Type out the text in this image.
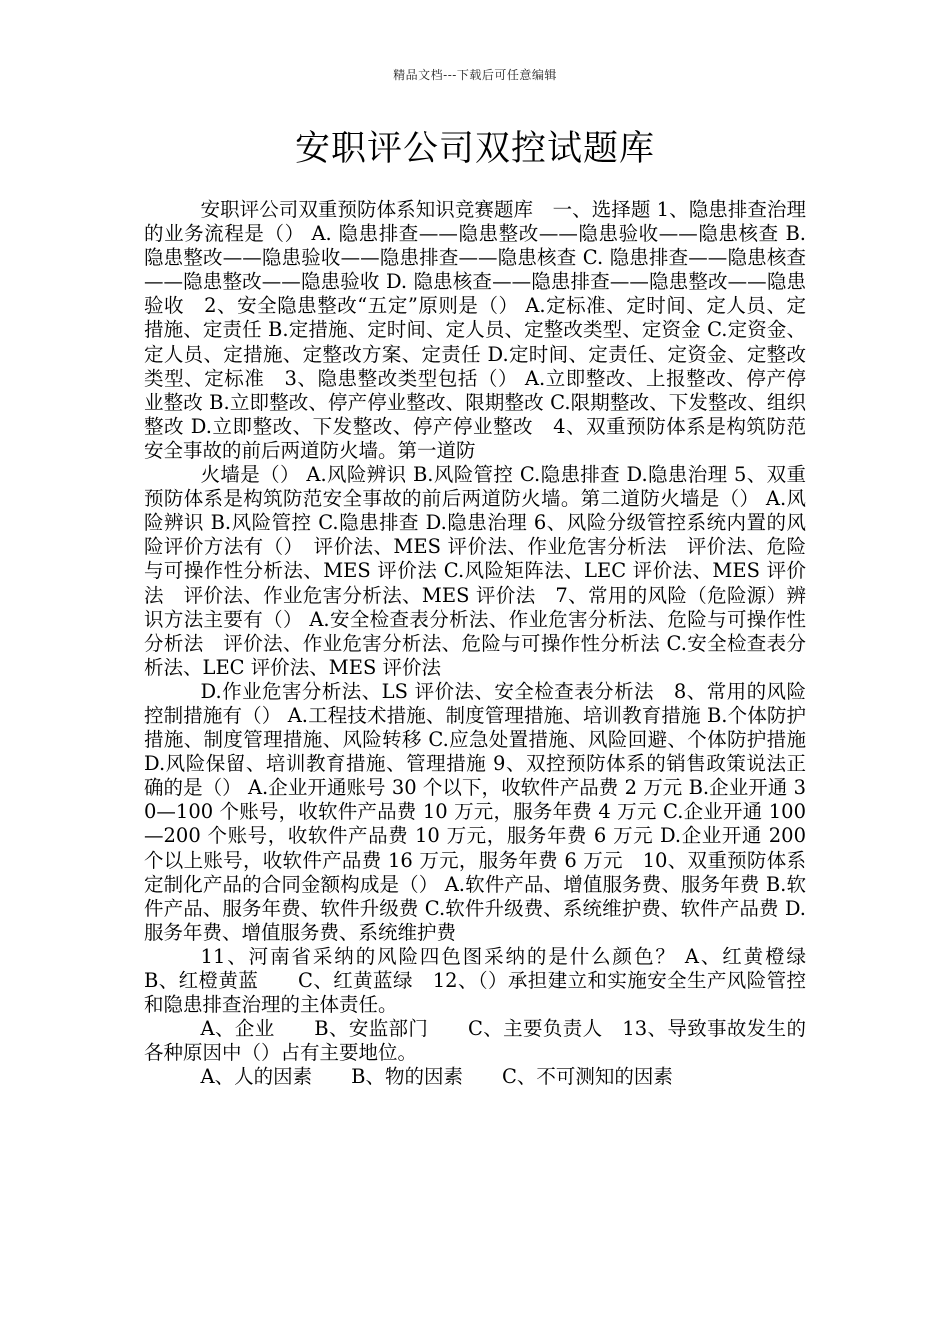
精品文档---下载后可任意编辑
安职评公司双控试题库

安职评公司双重预防体系知识竞赛题库　一、选择题 1、隐患排查治理的业务流程是（） A. 隐患排查——隐患整改——隐患验收——隐患核查 B. 隐患整改——隐患验收——隐患排查——隐患核查 C. 隐患排查——隐患核查——隐患整改——隐患验收 D. 隐患核查——隐患排查——隐患整改——隐患验收　2、安全隐患整改“五定”原则是（） A.定标准、定时间、定人员、定措施、定责任 B.定措施、定时间、定人员、定整改类型、定资金 C.定资金、定人员、定措施、定整改方案、定责任 D.定时间、定责任、定资金、定整改类型、定标准　3、隐患整改类型包括（） A.立即整改、上报整改、停产停业整改 B.立即整改、停产停业整改、限期整改 C.限期整改、下发整改、组织整改 D.立即整改、下发整改、停产停业整改　4、双重预防体系是构筑防范安全事故的前后两道防火墙。第一道防

火墙是（） A.风险辨识 B.风险管控 C.隐患排查 D.隐患治理 5、双重预防体系是构筑防范安全事故的前后两道防火墙。第二道防火墙是（） A.风险辨识 B.风险管控 C.隐患排查 D.隐患治理 6、风险分级管控系统内置的风险评价方法有（）　评价法、MES 评价法、作业危害分析法　评价法、危险与可操作性分析法、MES 评价法 C.风险矩阵法、LEC 评价法、MES 评价法　评价法、作业危害分析法、MES 评价法　7、常用的风险（危险源）辨识方法主要有（） A.安全检查表分析法、作业危害分析法、危险与可操作性分析法　评价法、作业危害分析法、危险与可操作性分析法 C.安全检查表分析法、LEC 评价法、MES 评价法

D.作业危害分析法、LS 评价法、安全检查表分析法　8、常用的风险控制措施有（） A.工程技术措施、制度管理措施、培训教育措施 B.个体防护措施、制度管理措施、风险转移 C.应急处置措施、风险回避、个体防护措施 D.风险保留、培训教育措施、管理措施 9、双控预防体系的销售政策说法正确的是（） A.企业开通账号 30 个以下，收软件产品费 2 万元 B.企业开通 30—100 个账号，收软件产品费 10 万元，服务年费 4 万元 C.企业开通 100—200 个账号，收软件产品费 10 万元，服务年费 6 万元 D.企业开通 200 个以上账号，收软件产品费 16 万元，服务年费 6 万元　10、双重预防体系定制化产品的合同金额构成是（） A.软件产品、增值服务费、服务年费 B.软件产品、服务年费、软件升级费 C.软件升级费、系统维护费、软件产品费 D.服务年费、增值服务费、系统维护费

11、河南省采纳的风险四色图采纳的是什么颜色？ A、红黄橙绿　　B、红橙黄蓝　　C、红黄蓝绿　12、（）承担建立和实施安全生产风险管控和隐患排查治理的主体责任。

A、企业　　B、安监部门　　C、主要负责人　13、导致事故发生的各种原因中（）占有主要地位。

A、人的因素　　B、物的因素　　C、不可测知的因素
